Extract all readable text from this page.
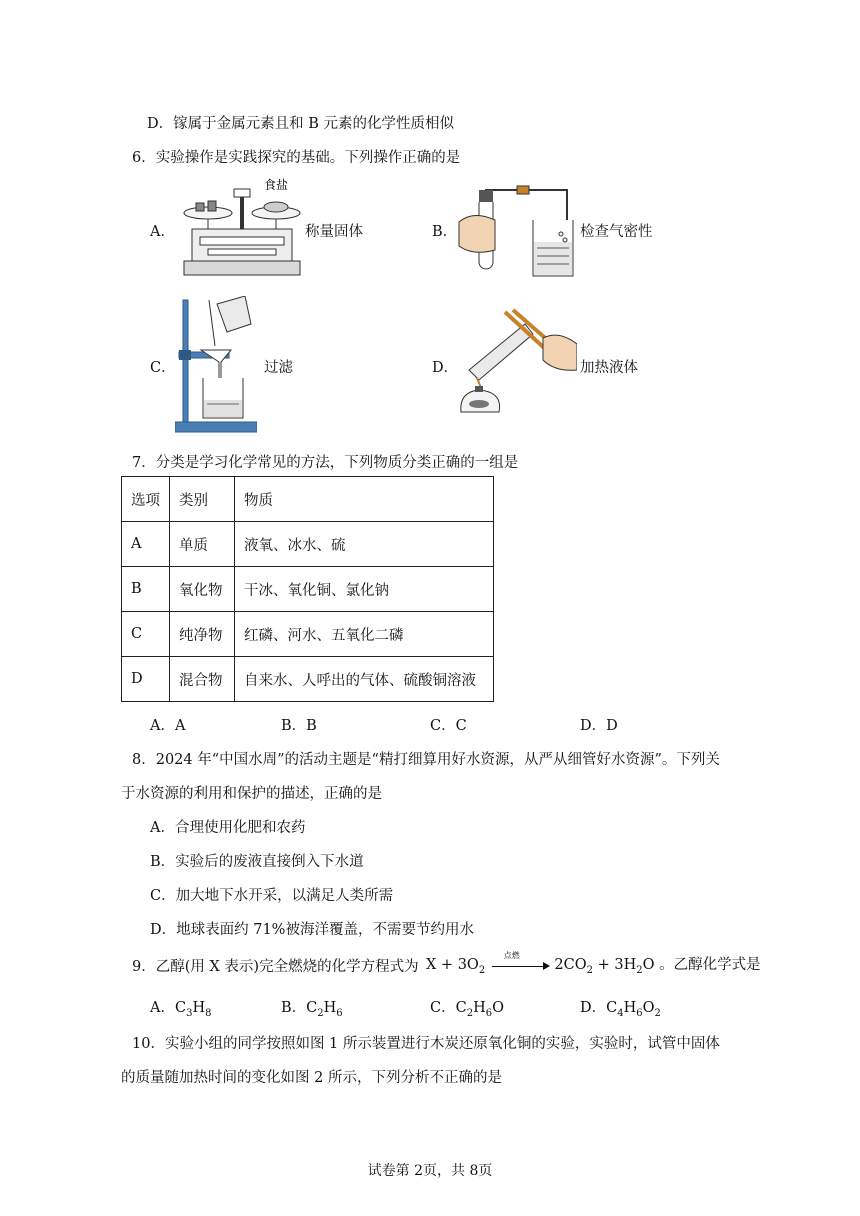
D．镓属于金属元素且和 B 元素的化学性质相似
6．实验操作是实践探究的基础。下列操作正确的是
A．
食盐
称量固体	B．	检查气密性
C．	过滤	D．	加热液体
7．分类是学习化学常见的方法，下列物质分类正确的一组是
选项	类别	物质
A	单质	液氧、冰水、硫
B	氧化物	干冰、氧化铜、氯化钠
C	纯净物	红磷、河水、五氧化二磷
D	混合物	自来水、人呼出的气体、硫酸铜溶液
A．A	B．B	C．C	D．D
8．2024 年“中国水周”的活动主题是“精打细算用好水资源，从严从细管好水资源”。下列关
于水资源的利用和保护的描述，正确的是
A．合理使用化肥和农药
B．实验后的废液直接倒入下水道
C．加大地下水开采，以满足人类所需
D．地球表面约 71%被海洋覆盖，不需要节约用水
9．乙醇(用 X 表示)完全燃烧的化学方程式为 $X + 3O_2$
点燃
$2CO_2 + 3H_2O$ 。乙醇化学式是
A．$C_3H_8$	B．$C_2H_6$	C．$C_2H_6O$	D．$C_4H_6O_2$
10．实验小组的同学按照如图 1 所示装置进行木炭还原氧化铜的实验，实验时，试管中固体
的质量随加热时间的变化如图 2 所示，下列分析不正确的是
试卷第 2页，共 8页
